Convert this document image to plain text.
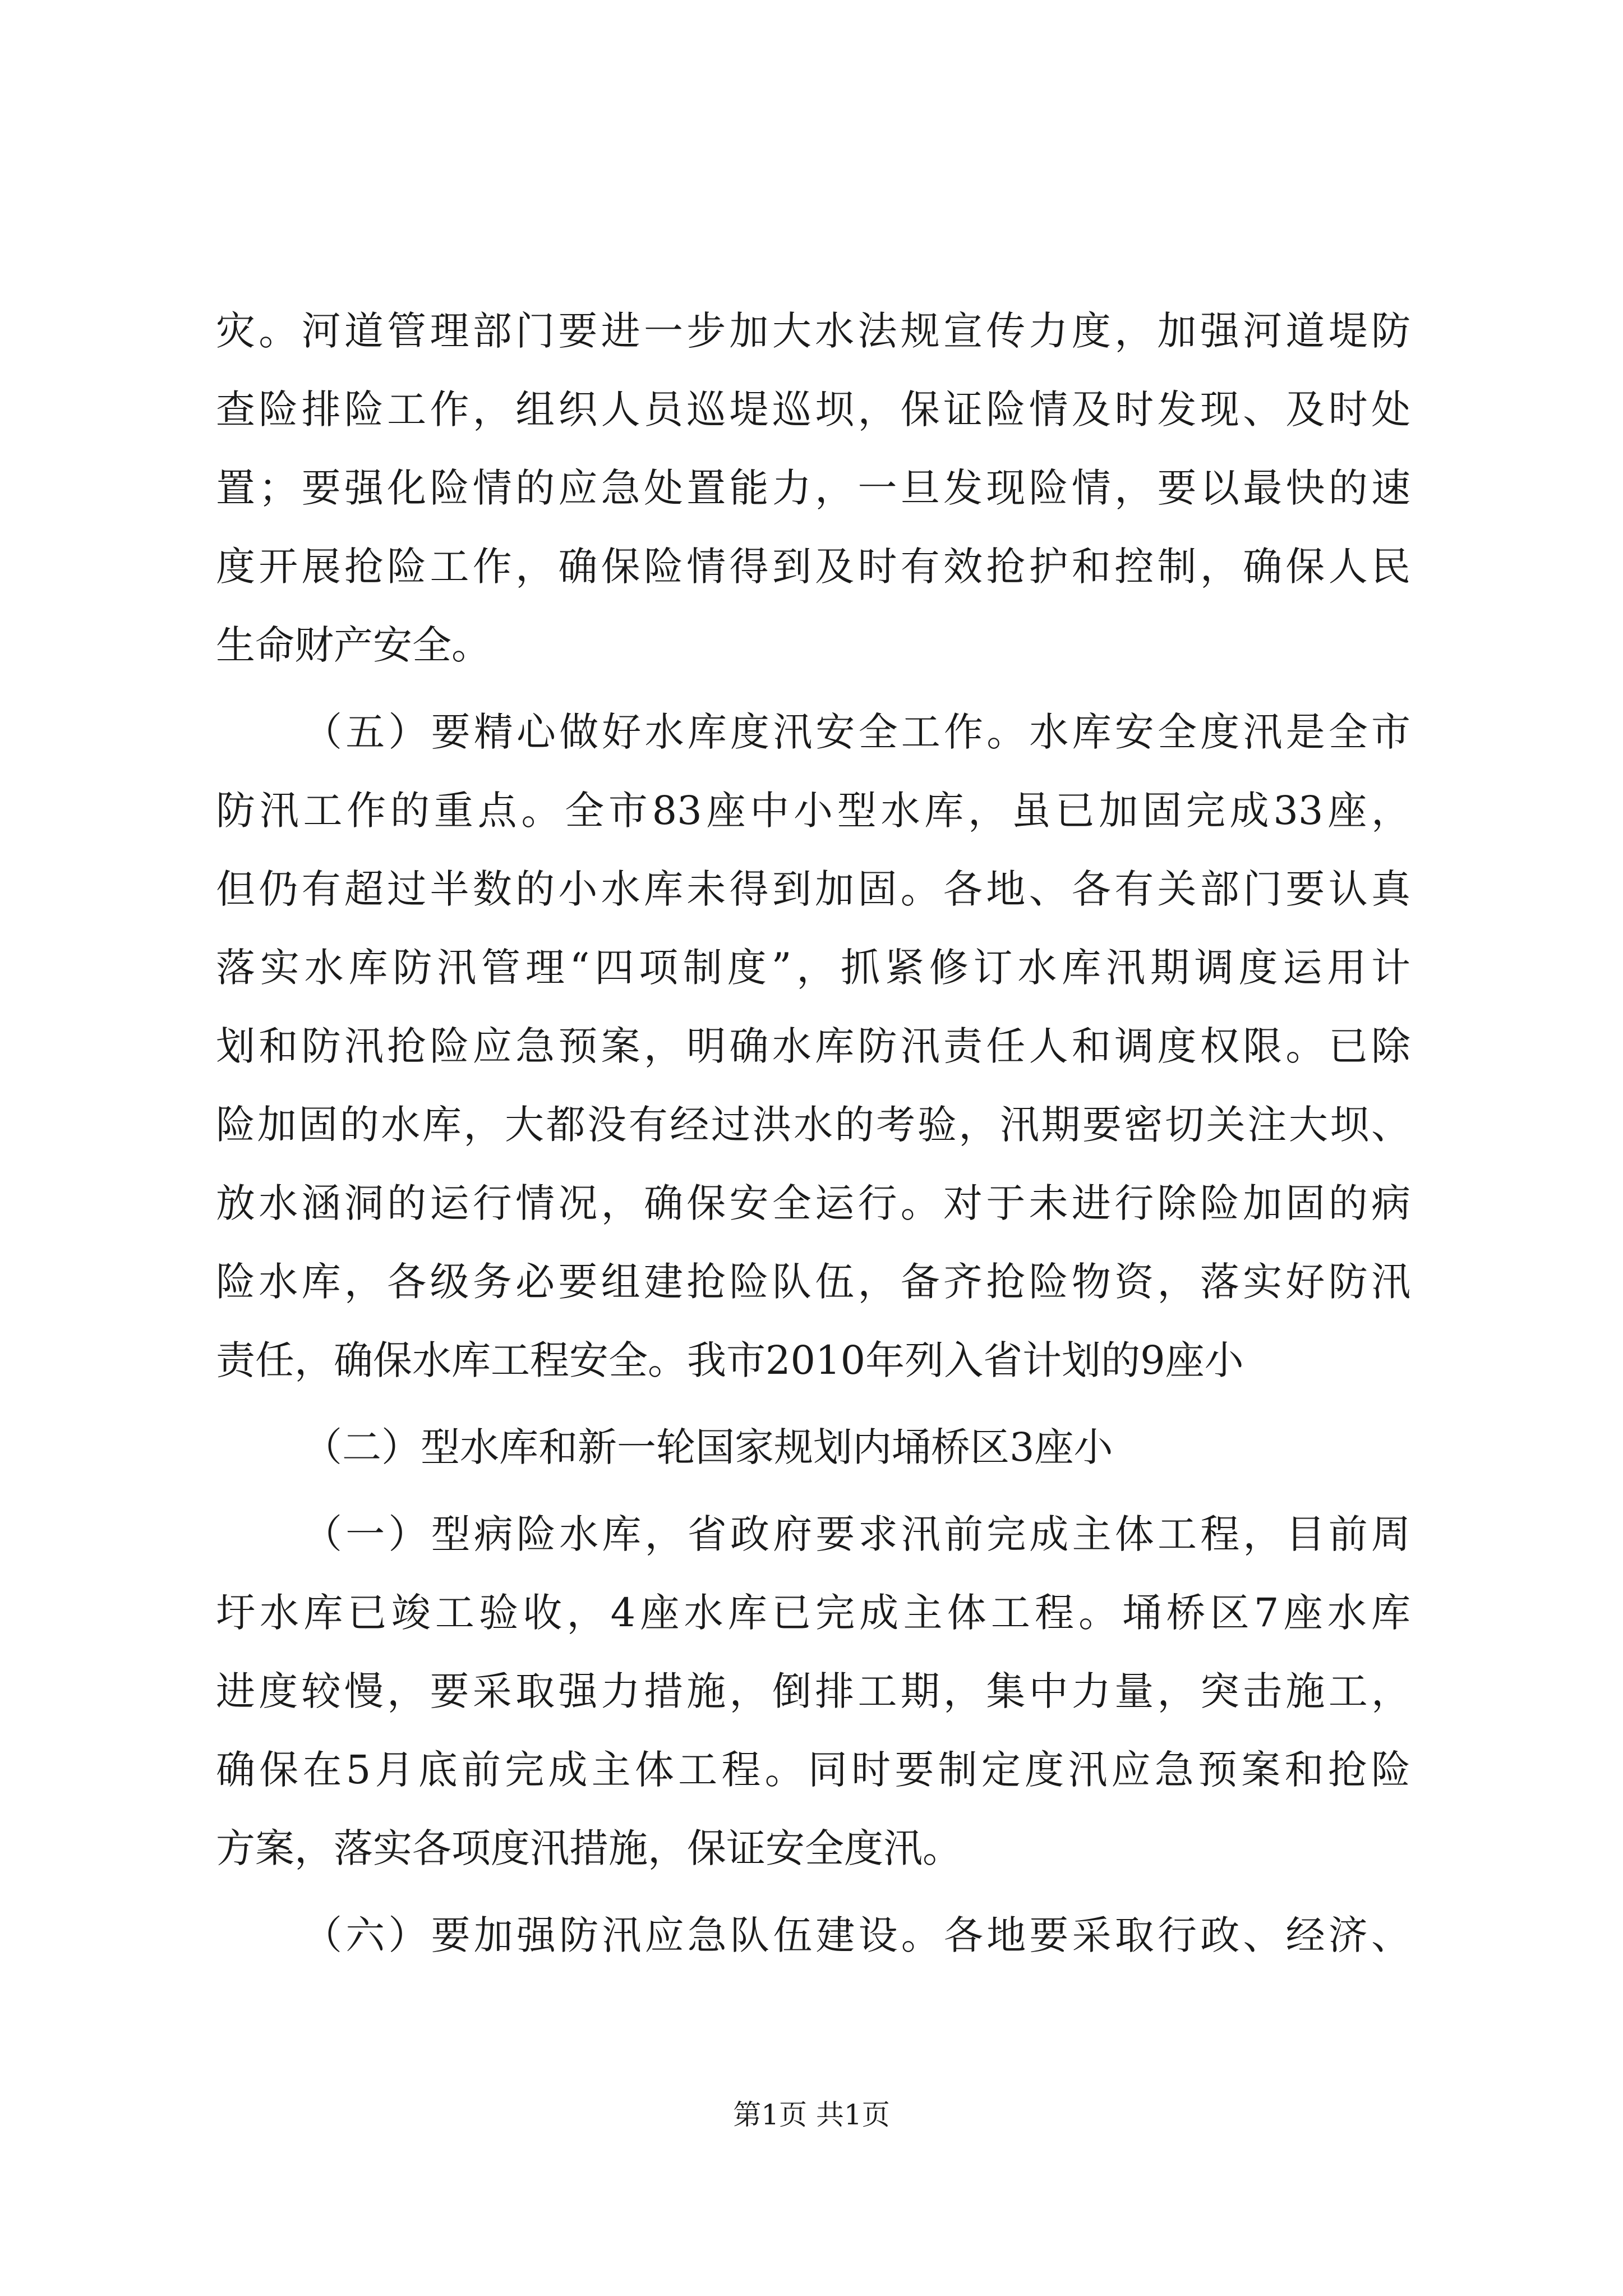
灾。河道管理部门要进一步加大水法规宣传力度，加强河道堤防
查险排险工作，组织人员巡堤巡坝，保证险情及时发现、及时处
置；要强化险情的应急处置能力，一旦发现险情，要以最快的速
度开展抢险工作，确保险情得到及时有效抢护和控制，确保人民
生命财产安全。
（五）要精心做好水库度汛安全工作。水库安全度汛是全市
防汛工作的重点。全市83座中小型水库，虽已加固完成33座，
但仍有超过半数的小水库未得到加固。各地、各有关部门要认真
落实水库防汛管理“四项制度”，抓紧修订水库汛期调度运用计
划和防汛抢险应急预案，明确水库防汛责任人和调度权限。已除
险加固的水库，大都没有经过洪水的考验，汛期要密切关注大坝、
放水涵洞的运行情况，确保安全运行。对于未进行除险加固的病
险水库，各级务必要组建抢险队伍，备齐抢险物资，落实好防汛
责任，确保水库工程安全。我市2010年列入省计划的9座小
（二）型水库和新一轮国家规划内埇桥区3座小
（一）型病险水库，省政府要求汛前完成主体工程，目前周
圩水库已竣工验收，4座水库已完成主体工程。埇桥区7座水库
进度较慢，要采取强力措施，倒排工期，集中力量，突击施工，
确保在5月底前完成主体工程。同时要制定度汛应急预案和抢险
方案，落实各项度汛措施，保证安全度汛。
（六）要加强防汛应急队伍建设。各地要采取行政、经济、
第1页 共1页
